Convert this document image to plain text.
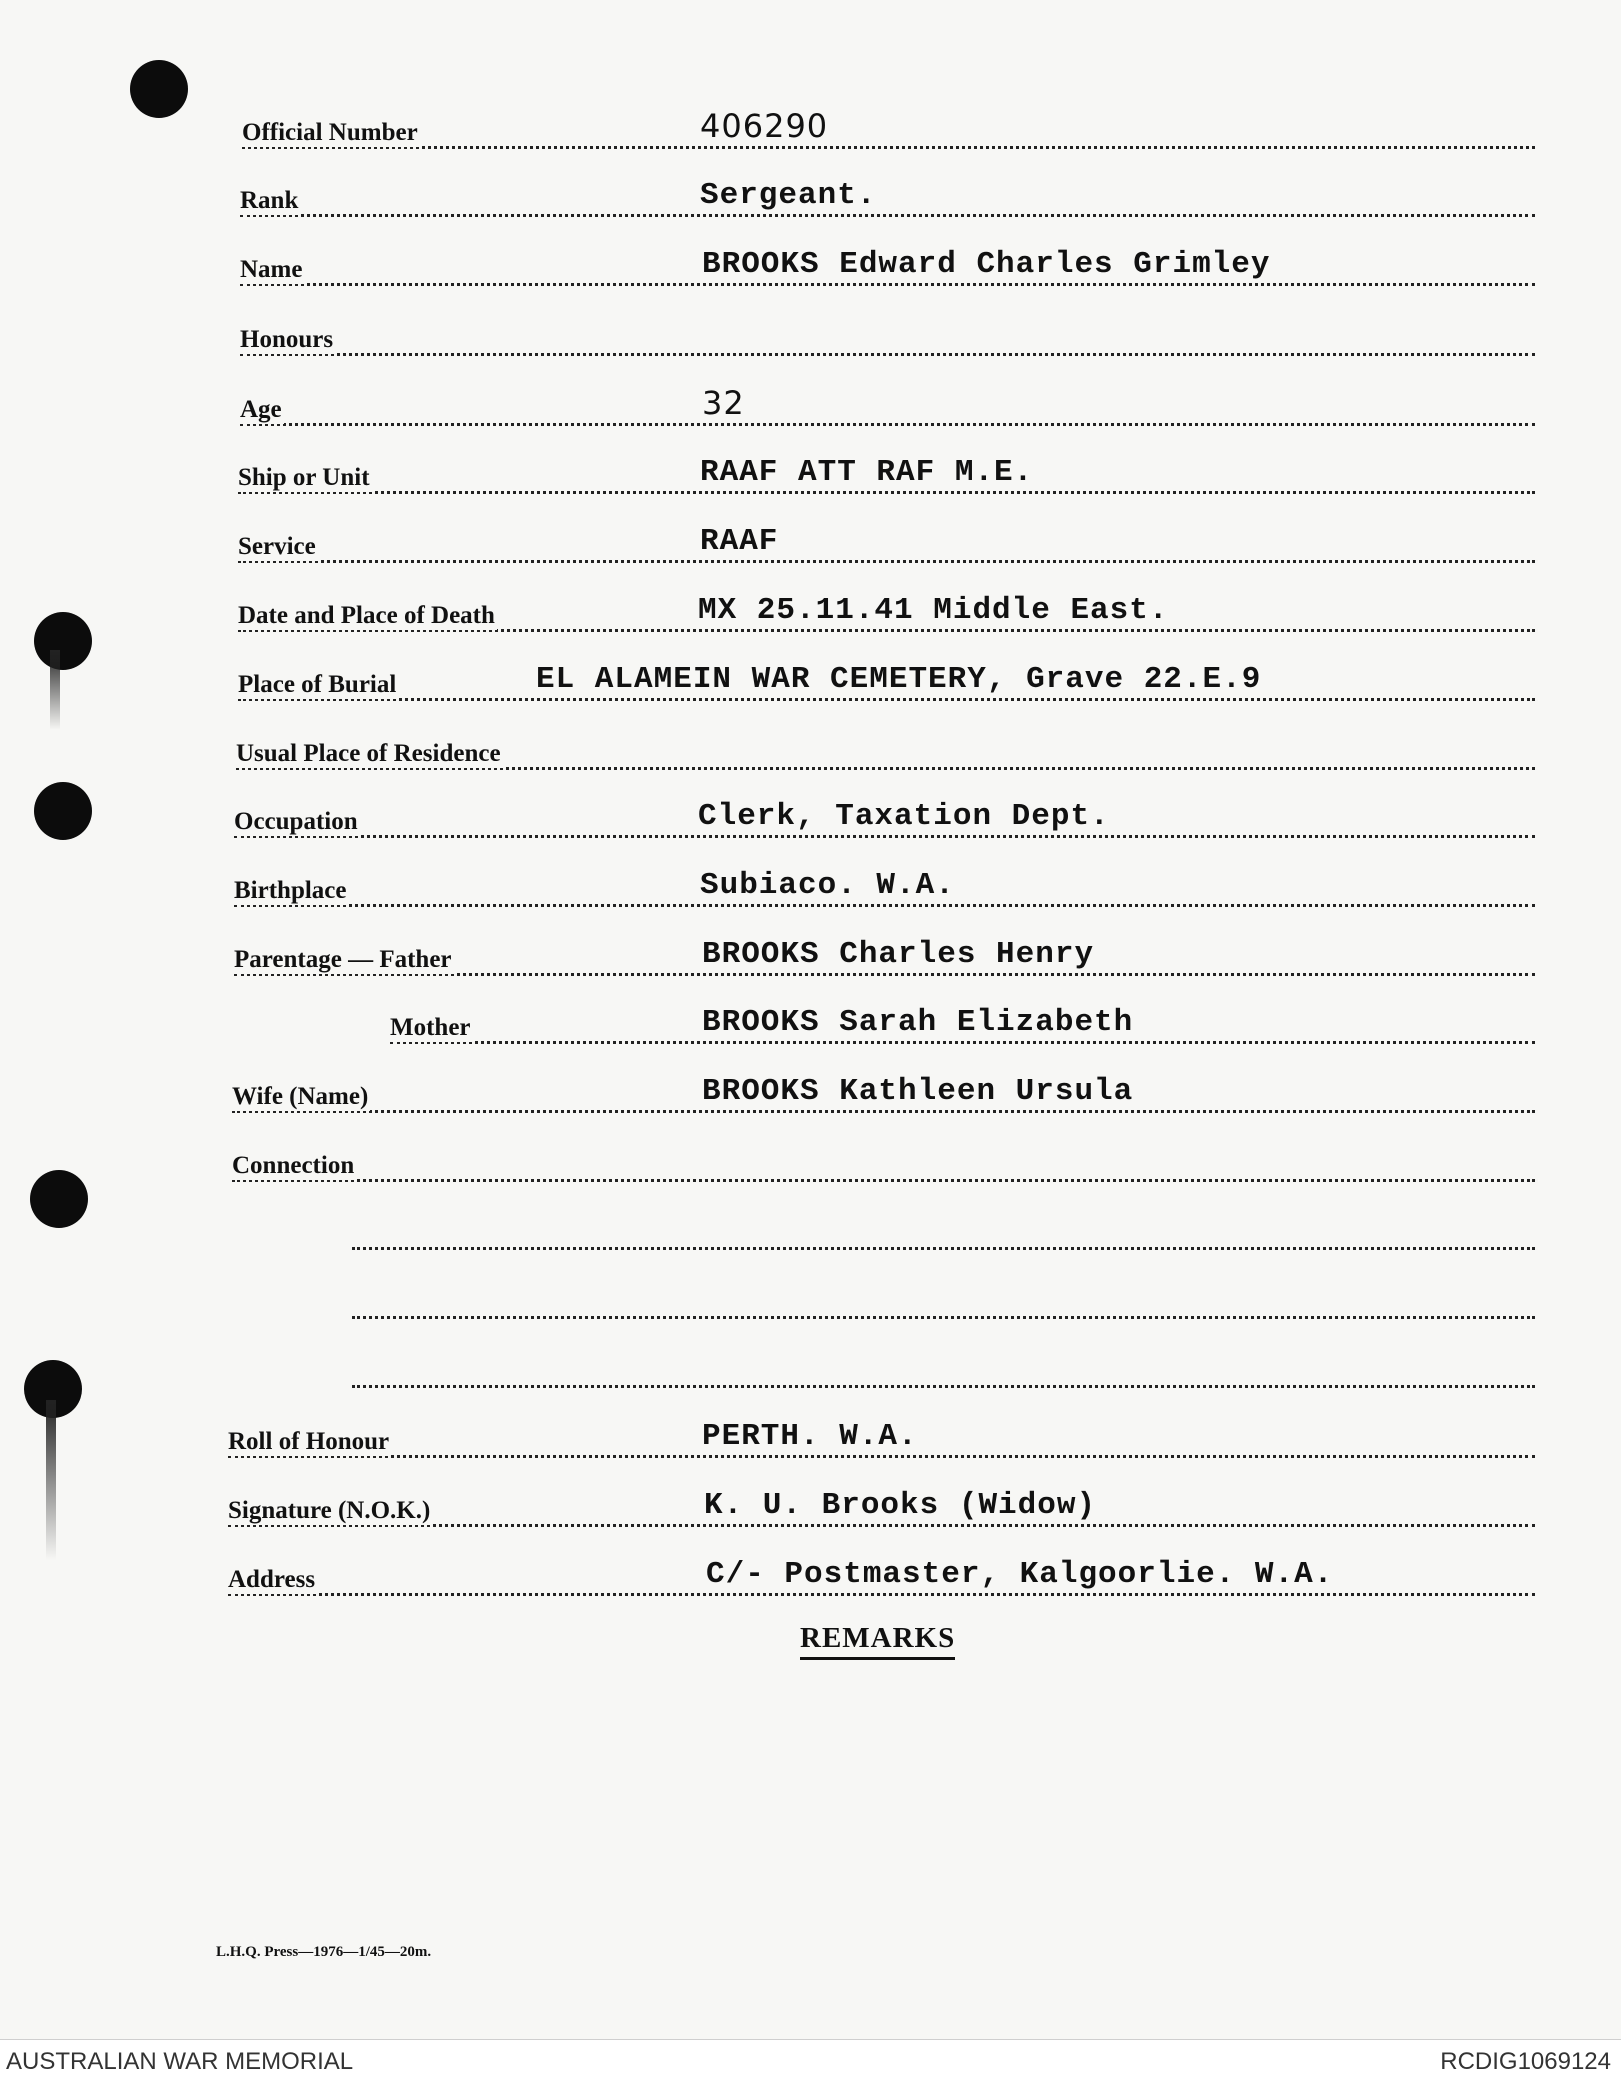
Official Number	406290
Rank	Sergeant.
Name	BROOKS Edward Charles Grimley
Honours
Age	32
Ship or Unit	RAAF ATT RAF M.E.
Service	RAAF
Date and Place of Death	MX 25.11.41 Middle East.
Place of Burial	EL ALAMEIN WAR CEMETERY, Grave 22.E.9
Usual Place of Residence
Occupation	Clerk, Taxation Dept.
Birthplace	Subiaco. W.A.
Parentage — Father	BROOKS Charles Henry
Mother	BROOKS Sarah Elizabeth
Wife (Name)	BROOKS Kathleen Ursula
Connection
Roll of Honour	PERTH. W.A.
Signature (N.O.K.)	K. U. Brooks (Widow)
Address	C/- Postmaster, Kalgoorlie. W.A.
REMARKS
L.H.Q. Press—1976—1/45—20m.
AUSTRALIAN WAR MEMORIAL	RCDIG1069124
